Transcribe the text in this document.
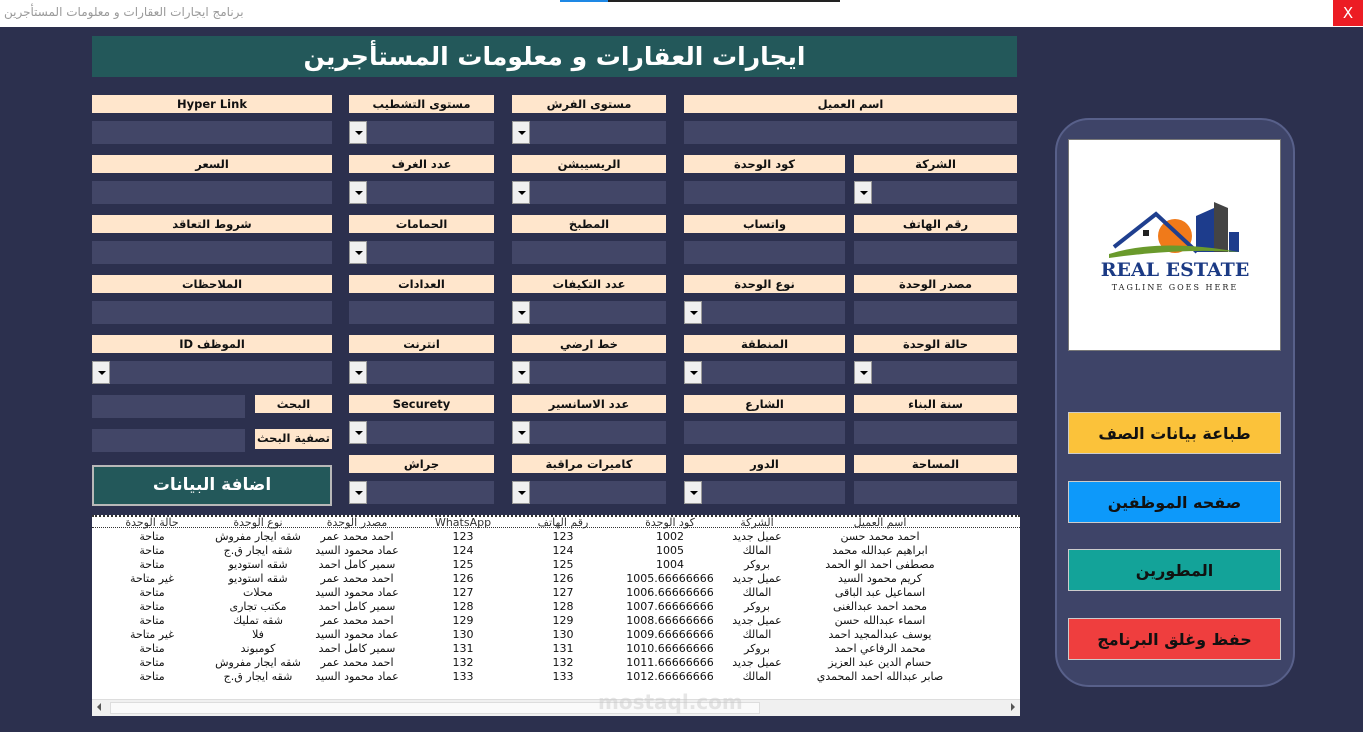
برنامج ايجارات العقارات و معلومات المستأجرين	X
ايجارات العقارات و معلومات المستأجرين
اسم العميل
مستوى الفرش
مستوى التشطيب
Hyper Link
الشركة
كود الوحدة
الريسيبشن
عدد الغرف
السعر
رقم الهاتف
واتساب
المطبخ
الحمامات
شروط التعاقد
مصدر الوحدة
نوع الوحدة
عدد التكيفات
العدادات
الملاحظات
حالة الوحدة
المنطقة
خط ارضي
انترنت
الموظف ID
سنة البناء
الشارع
عدد الاسانسير
Securety
المساحة
الدور
كاميرات مراقبة
جراش
البحث
تصفية البحث
اضافة البيانات
اسم العميل
الشركة
كود الوحدة
رقم الهاتف
WhatsApp
مصدر الوحدة
نوع الوحدة
حالة الوحدة
احمد محمد حسن
عميل جديد
1002
123
123
احمد محمد عمر
شقه ايجار مفروش
متاحة
ابراهيم عبدالله محمد
المالك
1005
124
124
عماد محمود السيد
شقه ايجار ق.ج
متاحة
مصطفى احمد الو الحمد
بروكر
1004
125
125
سمير كامل احمد
شقه استوديو
متاحة
كريم محمود السيد
عميل جديد
1005.66666666
126
126
احمد محمد عمر
شقه استوديو
غير متاحة
اسماعيل عبد الباقى
المالك
1006.66666666
127
127
عماد محمود السيد
محلات
متاحة
محمد احمد عبدالغنى
بروكر
1007.66666666
128
128
سمير كامل احمد
مكتب تجارى
متاحة
اسماء عبدالله حسن
عميل جديد
1008.66666666
129
129
احمد محمد عمر
شقه تمليك
متاحة
يوسف عبدالمجيد احمد
المالك
1009.66666666
130
130
عماد محمود السيد
فلا
غير متاحة
محمد الرفاعي احمد
بروكر
1010.66666666
131
131
سمير كامل احمد
كومبوند
متاحة
حسام الدين عبد العزيز
عميل جديد
1011.66666666
132
132
احمد محمد عمر
شقه ايجار مفروش
متاحة
صابر عبدالله احمد المحمدي
المالك
1012.66666666
133
133
عماد محمود السيد
شقه ايجار ق.ج
متاحة
mostaql.com
REAL ESTATE
TAGLINE GOES HERE
طباعة بيانات الصف
صفحه الموظفين
المطورين
حفظ وغلق البرنامج
